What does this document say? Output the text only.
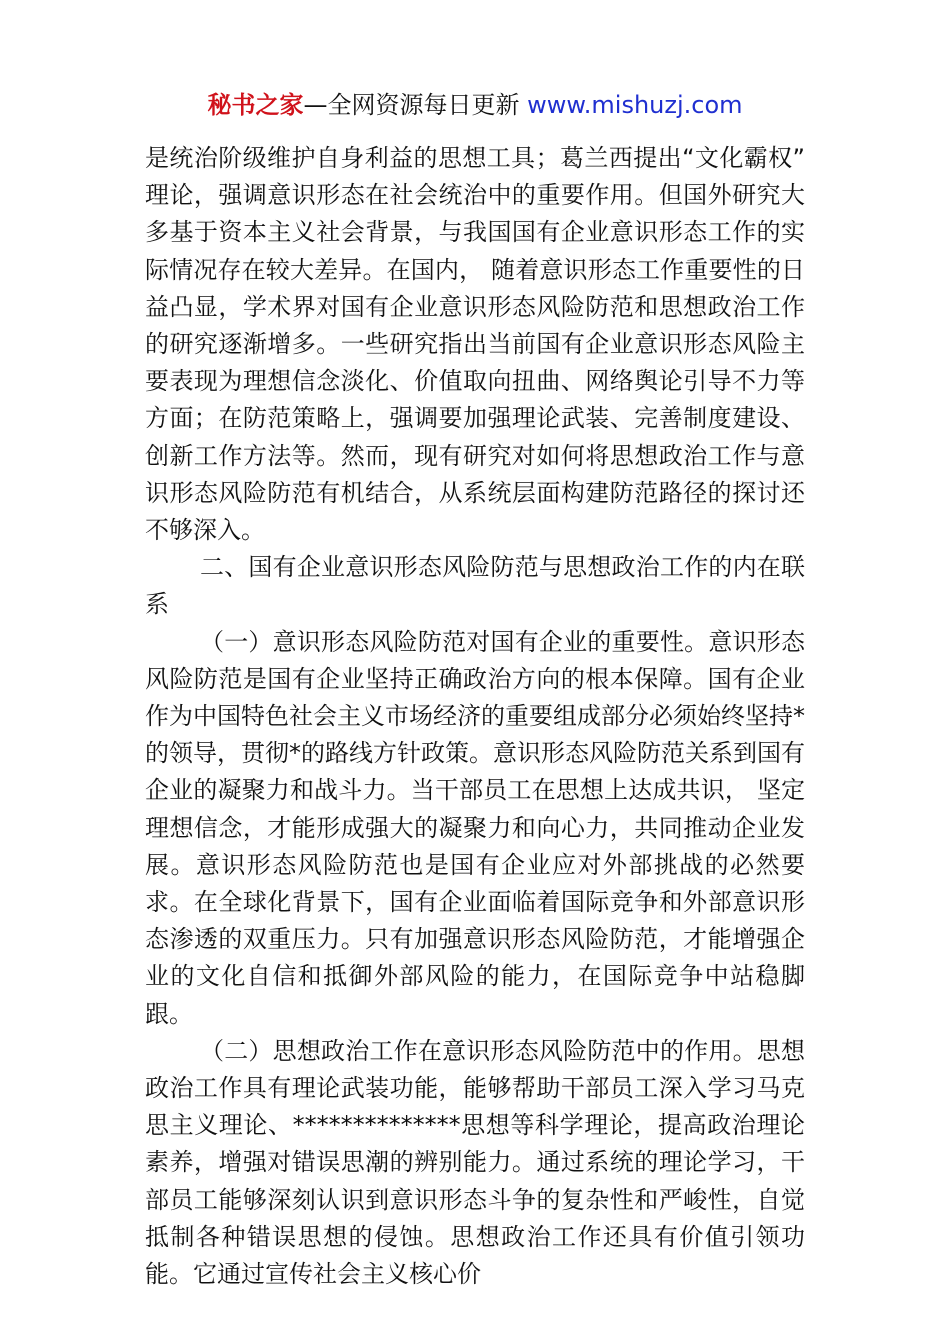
秘书之家—全网资源每日更新 www.mishuzj.com

是统治阶级维护自身利益的思想工具；葛兰西提出“文化霸权” 理论，强调意识形态在社会统治中的重要作用。但国外研究大多基于资本主义社会背景，与我国国有企业意识形态工作的实际情况存在较大差异。在国内， 随着意识形态工作重要性的日益凸显，学术界对国有企业意识形态风险防范和思想政治工作的研究逐渐增多。一些研究指出当前国有企业意识形态风险主要表现为理想信念淡化、价值取向扭曲、网络舆论引导不力等方面；在防范策略上，强调要加强理论武装、完善制度建设、创新工作方法等。然而，现有研究对如何将思想政治工作与意识形态风险防范有机结合，从系统层面构建防范路径的探讨还不够深入。

二、国有企业意识形态风险防范与思想政治工作的内在联系

（一）意识形态风险防范对国有企业的重要性。意识形态风险防范是国有企业坚持正确政治方向的根本保障。国有企业作为中国特色社会主义市场经济的重要组成部分必须始终坚持*的领导，贯彻*的路线方针政策。意识形态风险防范关系到国有企业的凝聚力和战斗力。当干部员工在思想上达成共识， 坚定理想信念，才能形成强大的凝聚力和向心力，共同推动企业发展。意识形态风险防范也是国有企业应对外部挑战的必然要求。在全球化背景下，国有企业面临着国际竞争和外部意识形态渗透的双重压力。只有加强意识形态风险防范，才能增强企业的文化自信和抵御外部风险的能力，在国际竞争中站稳脚跟。

（二）思想政治工作在意识形态风险防范中的作用。思想政治工作具有理论武装功能，能够帮助干部员工深入学习马克思主义理论、**************思想等科学理论，提高政治理论素养，增强对错误思潮的辨别能力。通过系统的理论学习，干部员工能够深刻认识到意识形态斗争的复杂性和严峻性，自觉抵制各种错误思想的侵蚀。思想政治工作还具有价值引领功能。它通过宣传社会主义核心价
